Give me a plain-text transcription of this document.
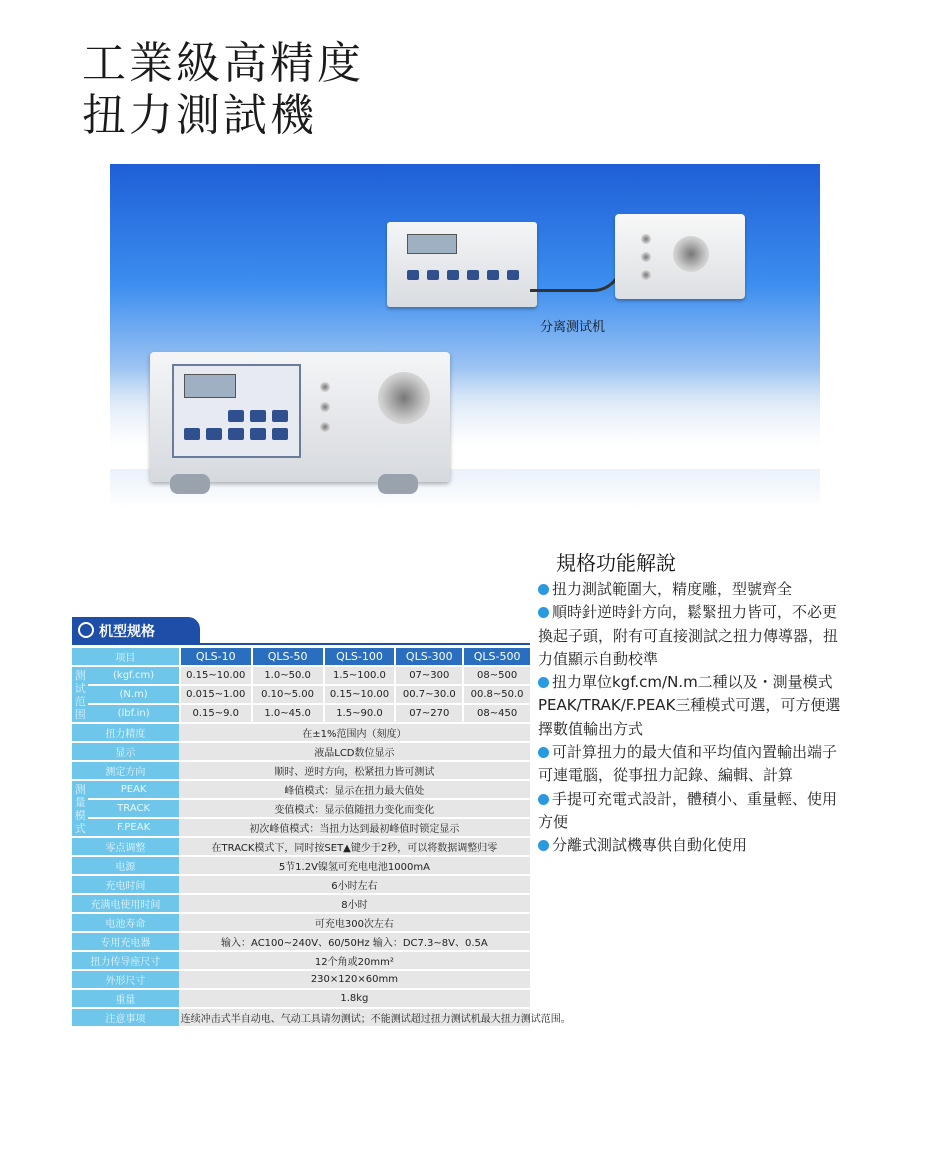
工業級高精度
扭力測試機
分离测试机
規格功能解說

扭力測試範圍大，精度雕，型號齊全

順時針逆時針方向，鬆緊扭力皆可，不必更換起子頭，附有可直接測試之扭力傳導器，扭力值顯示自動校準

扭力單位kgf.cm/N.m二種以及・測量模式PEAK/TRAK/F.PEAK三種模式可選，可方便選擇數值輸出方式

可計算扭力的最大值和平均值內置輸出端子可連電腦，從事扭力記錄、編輯、計算

手提可充電式設計，體積小、重量輕、使用方便

分離式測試機專供自動化使用

机型规格
项目		QLS-10	QLS-50	QLS-100	QLS-300	QLS-500
测试范围	(kgf.cm)	0.15~10.00	1.0~50.0	1.5~100.0	07~300	08~500
	(N.m)	0.015~1.00	0.10~5.00	0.15~10.00	00.7~30.0	00.8~50.0
	(lbf.in)	0.15~9.0	1.0~45.0	1.5~90.0	07~270	08~450
扭力精度		在±1%范围内（刻度）				
显示		液晶LCD数位显示				
测定方向		顺时、逆时方向，松紧扭力皆可测试				
测量模式	PEAK	峰值模式：显示在扭力最大值处				
	TRACK	变值模式：显示值随扭力变化而变化				
	F.PEAK	初次峰值模式：当扭力达到最初峰值时锁定显示				
零点调整		在TRACK模式下，同时按SET▲键少于2秒，可以将数据调整归零				
电源		5节1.2V镍氢可充电电池1000mA				
充电时间		6小时左右				
充满电使用时间		8小时				
电池寿命		可充电300次左右				
专用充电器		输入：AC100~240V、60/50Hz 输入：DC7.3~8V、0.5A				
扭力传导座尺寸		12个角或20mm²				
外形尺寸		230×120×60mm				
重量		1.8kg				
注意事项		连续冲击式半自动电、气动工具请勿测试；不能测试超过扭力测试机最大扭力测试范围。				
